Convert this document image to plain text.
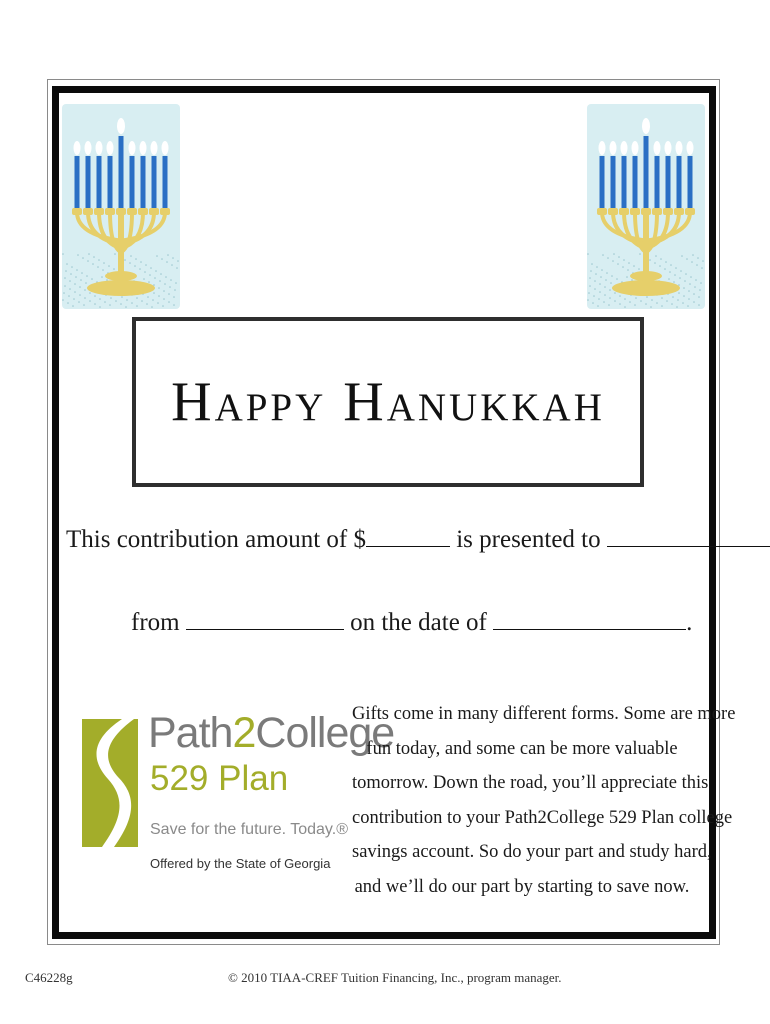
Happy Hanukkah
This contribution amount of $	is presented to
from	on the date of	.
Path2College
529 Plan
Save for the future. Today.®
Offered by the State of Georgia
Gifts come in many different forms. Some are more
fun today, and some can be more valuable
tomorrow. Down the road, you’ll appreciate this
contribution to your Path2College 529 Plan college
savings account. So do your part and study hard,
and we’ll do our part by starting to save now.
C46228g	© 2010 TIAA-CREF Tuition Financing, Inc., program manager.
